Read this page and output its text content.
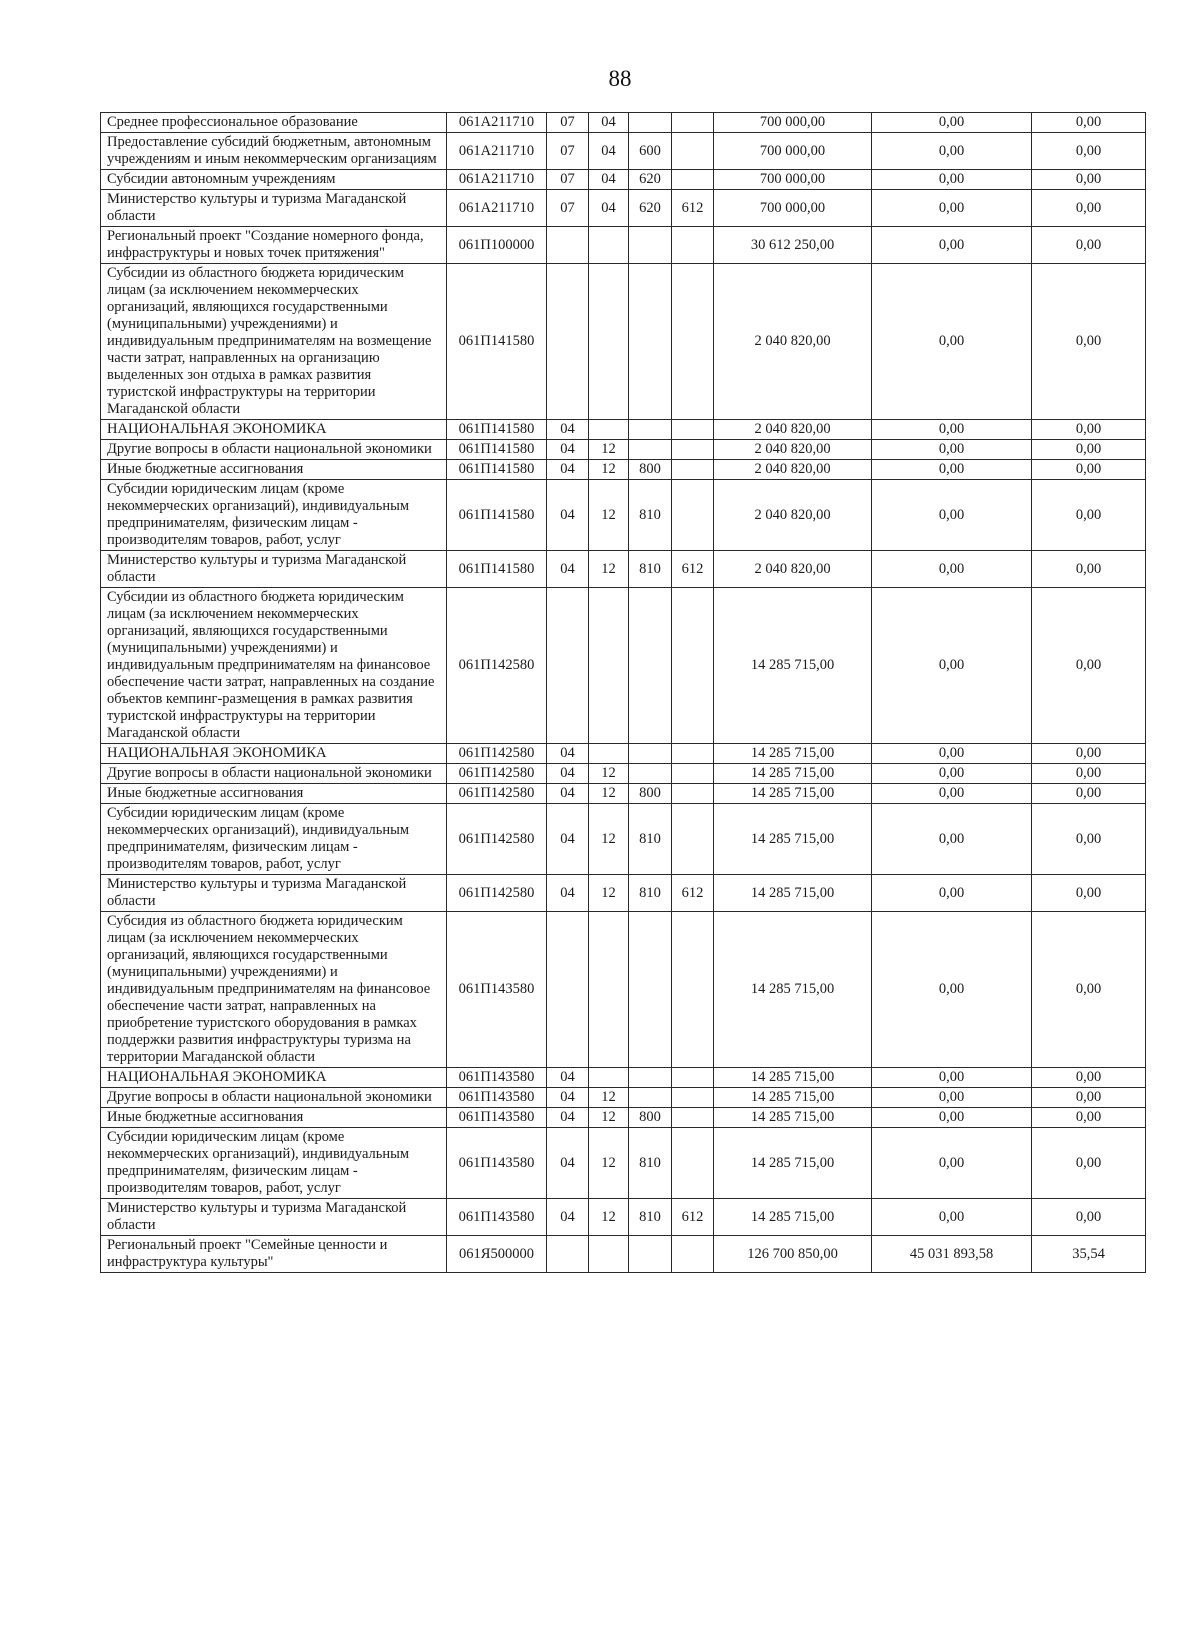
88
Среднее профессиональное образование	061A211710	07	04			700 000,00	0,00	0,00
Предоставление субсидий бюджетным, автономным учреждениям и иным некоммерческим организациям	061A211710	07	04	600		700 000,00	0,00	0,00
Субсидии автономным учреждениям	061A211710	07	04	620		700 000,00	0,00	0,00
Министерство культуры и туризма Магаданской области	061A211710	07	04	620	612	700 000,00	0,00	0,00
Региональный проект "Создание номерного фонда, инфраструктуры и новых точек притяжения"	061П100000					30 612 250,00	0,00	0,00
Субсидии из областного бюджета юридическим лицам (за исключением некоммерческих организаций, являющихся государственными (муниципальными) учреждениями) и индивидуальным предпринимателям на возмещение части затрат, направленных на организацию выделенных зон отдыха в рамках развития туристской инфраструктуры на территории Магаданской области	061П141580					2 040 820,00	0,00	0,00
НАЦИОНАЛЬНАЯ ЭКОНОМИКА	061П141580	04				2 040 820,00	0,00	0,00
Другие вопросы в области национальной экономики	061П141580	04	12			2 040 820,00	0,00	0,00
Иные бюджетные ассигнования	061П141580	04	12	800		2 040 820,00	0,00	0,00
Субсидии юридическим лицам (кроме некоммерческих организаций), индивидуальным предпринимателям, физическим лицам - производителям товаров, работ, услуг	061П141580	04	12	810		2 040 820,00	0,00	0,00
Министерство культуры и туризма Магаданской области	061П141580	04	12	810	612	2 040 820,00	0,00	0,00
Субсидии из областного бюджета юридическим лицам (за исключением некоммерческих организаций, являющихся государственными (муниципальными) учреждениями) и индивидуальным предпринимателям на финансовое обеспечение части затрат, направленных на создание объектов кемпинг-размещения в рамках развития туристской инфраструктуры на территории Магаданской области	061П142580					14 285 715,00	0,00	0,00
НАЦИОНАЛЬНАЯ ЭКОНОМИКА	061П142580	04				14 285 715,00	0,00	0,00
Другие вопросы в области национальной экономики	061П142580	04	12			14 285 715,00	0,00	0,00
Иные бюджетные ассигнования	061П142580	04	12	800		14 285 715,00	0,00	0,00
Субсидии юридическим лицам (кроме некоммерческих организаций), индивидуальным предпринимателям, физическим лицам - производителям товаров, работ, услуг	061П142580	04	12	810		14 285 715,00	0,00	0,00
Министерство культуры и туризма Магаданской области	061П142580	04	12	810	612	14 285 715,00	0,00	0,00
Субсидия из областного бюджета юридическим лицам (за исключением некоммерческих организаций, являющихся государственными (муниципальными) учреждениями) и индивидуальным предпринимателям на финансовое обеспечение части затрат, направленных на приобретение туристского оборудования в рамках поддержки развития инфраструктуры туризма на территории Магаданской области	061П143580					14 285 715,00	0,00	0,00
НАЦИОНАЛЬНАЯ ЭКОНОМИКА	061П143580	04				14 285 715,00	0,00	0,00
Другие вопросы в области национальной экономики	061П143580	04	12			14 285 715,00	0,00	0,00
Иные бюджетные ассигнования	061П143580	04	12	800		14 285 715,00	0,00	0,00
Субсидии юридическим лицам (кроме некоммерческих организаций), индивидуальным предпринимателям, физическим лицам - производителям товаров, работ, услуг	061П143580	04	12	810		14 285 715,00	0,00	0,00
Министерство культуры и туризма Магаданской области	061П143580	04	12	810	612	14 285 715,00	0,00	0,00
Региональный проект "Семейные ценности и инфраструктура культуры"	061Я500000					126 700 850,00	45 031 893,58	35,54
